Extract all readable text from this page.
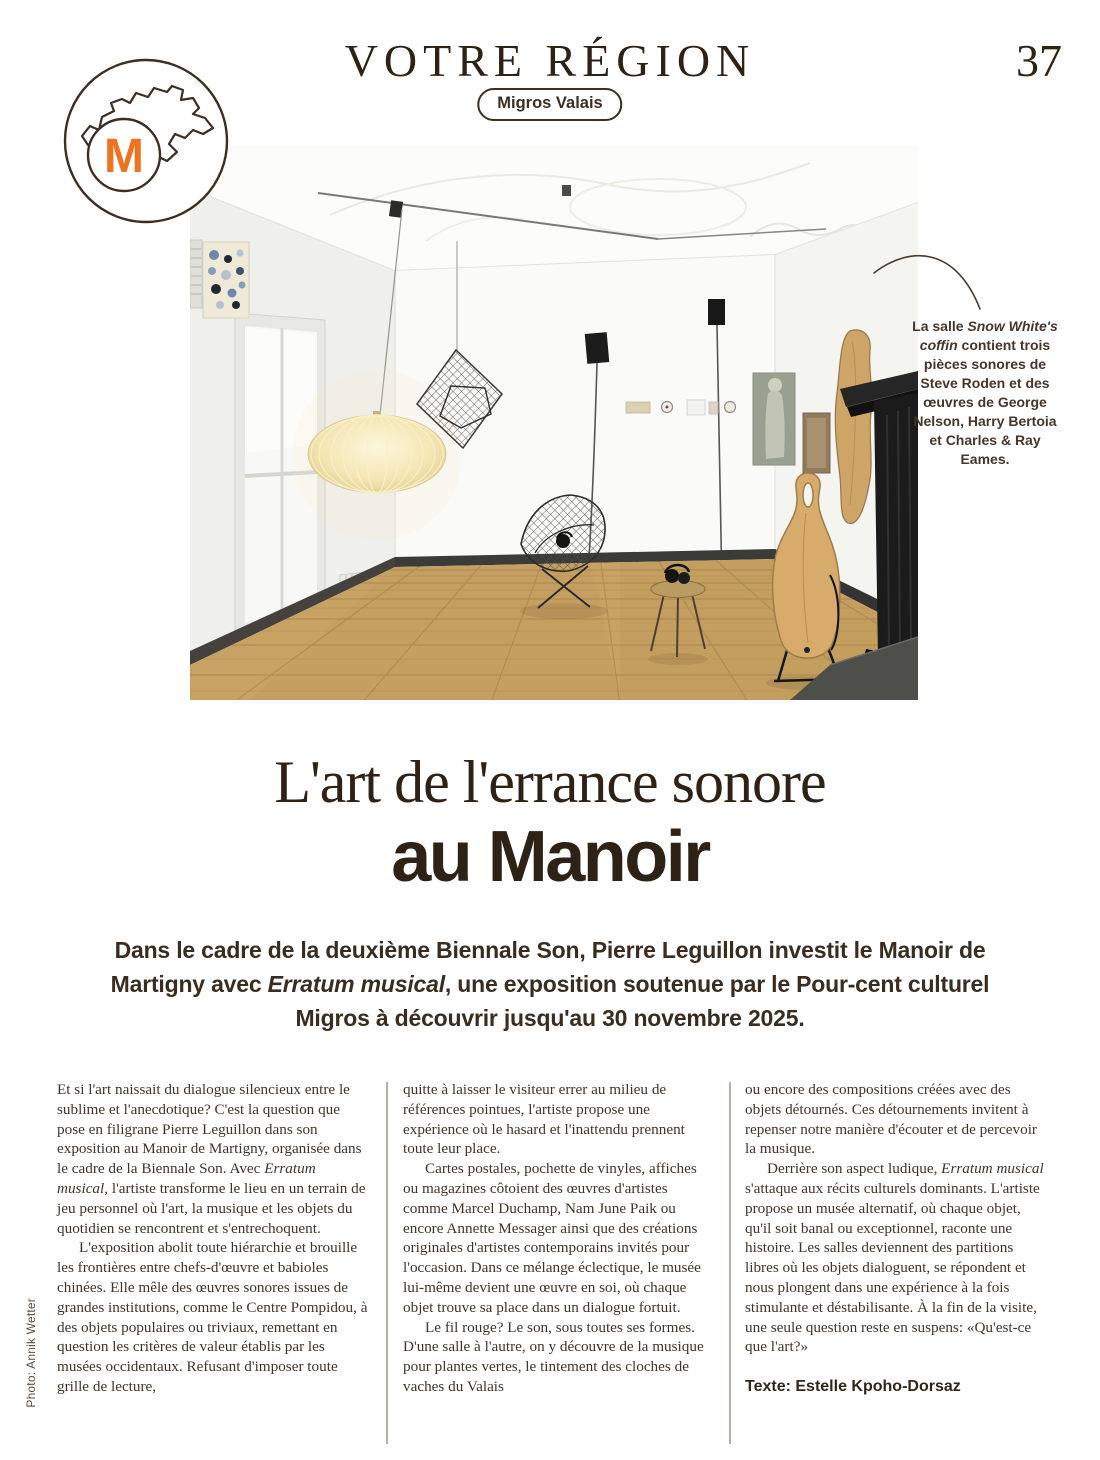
VOTRE RÉGION	37
Migros Valais
M
La salle Snow White's coffin contient trois pièces sonores de Steve Roden et des œuvres de George Nelson, Harry Bertoia et Charles & Ray Eames.
L'art de l'errance sonore
au Manoir
Dans le cadre de la deuxième Biennale Son, Pierre Leguillon investit le Manoir de Martigny avec Erratum musical, une exposition soutenue par le Pour-cent culturel Migros à découvrir jusqu'au 30 novembre 2025.

Et si l'art naissait du dialogue silencieux entre le sublime et l'anecdotique? C'est la question que pose en filigrane Pierre Leguillon dans son exposition au Manoir de Martigny, organisée dans le cadre de la Biennale Son. Avec Erratum musical, l'artiste transforme le lieu en un terrain de jeu personnel où l'art, la musique et les objets du quotidien se rencontrent et s'entrechoquent.

L'exposition abolit toute hiérarchie et brouille les frontières entre chefs-d'œuvre et babioles chinées. Elle mêle des œuvres sonores issues de grandes institutions, comme le Centre Pompidou, à des objets populaires ou triviaux, remettant en question les critères de valeur établis par les musées occidentaux. Refusant d'imposer toute grille de lecture,

quitte à laisser le visiteur errer au milieu de références pointues, l'artiste propose une expérience où le hasard et l'inattendu prennent toute leur place.

Cartes postales, pochette de vinyles, affiches ou magazines côtoient des œuvres d'artistes comme Marcel Duchamp, Nam June Paik ou encore Annette Messager ainsi que des créations originales d'artistes contemporains invités pour l'occasion. Dans ce mélange éclectique, le musée lui-même devient une œuvre en soi, où chaque objet trouve sa place dans un dialogue fortuit.

Le fil rouge? Le son, sous toutes ses formes. D'une salle à l'autre, on y découvre de la musique pour plantes vertes, le tintement des cloches de vaches du Valais

ou encore des compositions créées avec des objets détournés. Ces détournements invitent à repenser notre manière d'écouter et de percevoir la musique.

Derrière son aspect ludique, Erratum musical s'attaque aux récits culturels dominants. L'artiste propose un musée alternatif, où chaque objet, qu'il soit banal ou exceptionnel, raconte une histoire. Les salles deviennent des partitions libres où les objets dialoguent, se répondent et nous plongent dans une expérience à la fois stimulante et déstabilisante. À la fin de la visite, une seule question reste en suspens: «Qu'est-ce que l'art?»

Texte: Estelle Kpoho-Dorsaz
Photo: Annik Wetter
